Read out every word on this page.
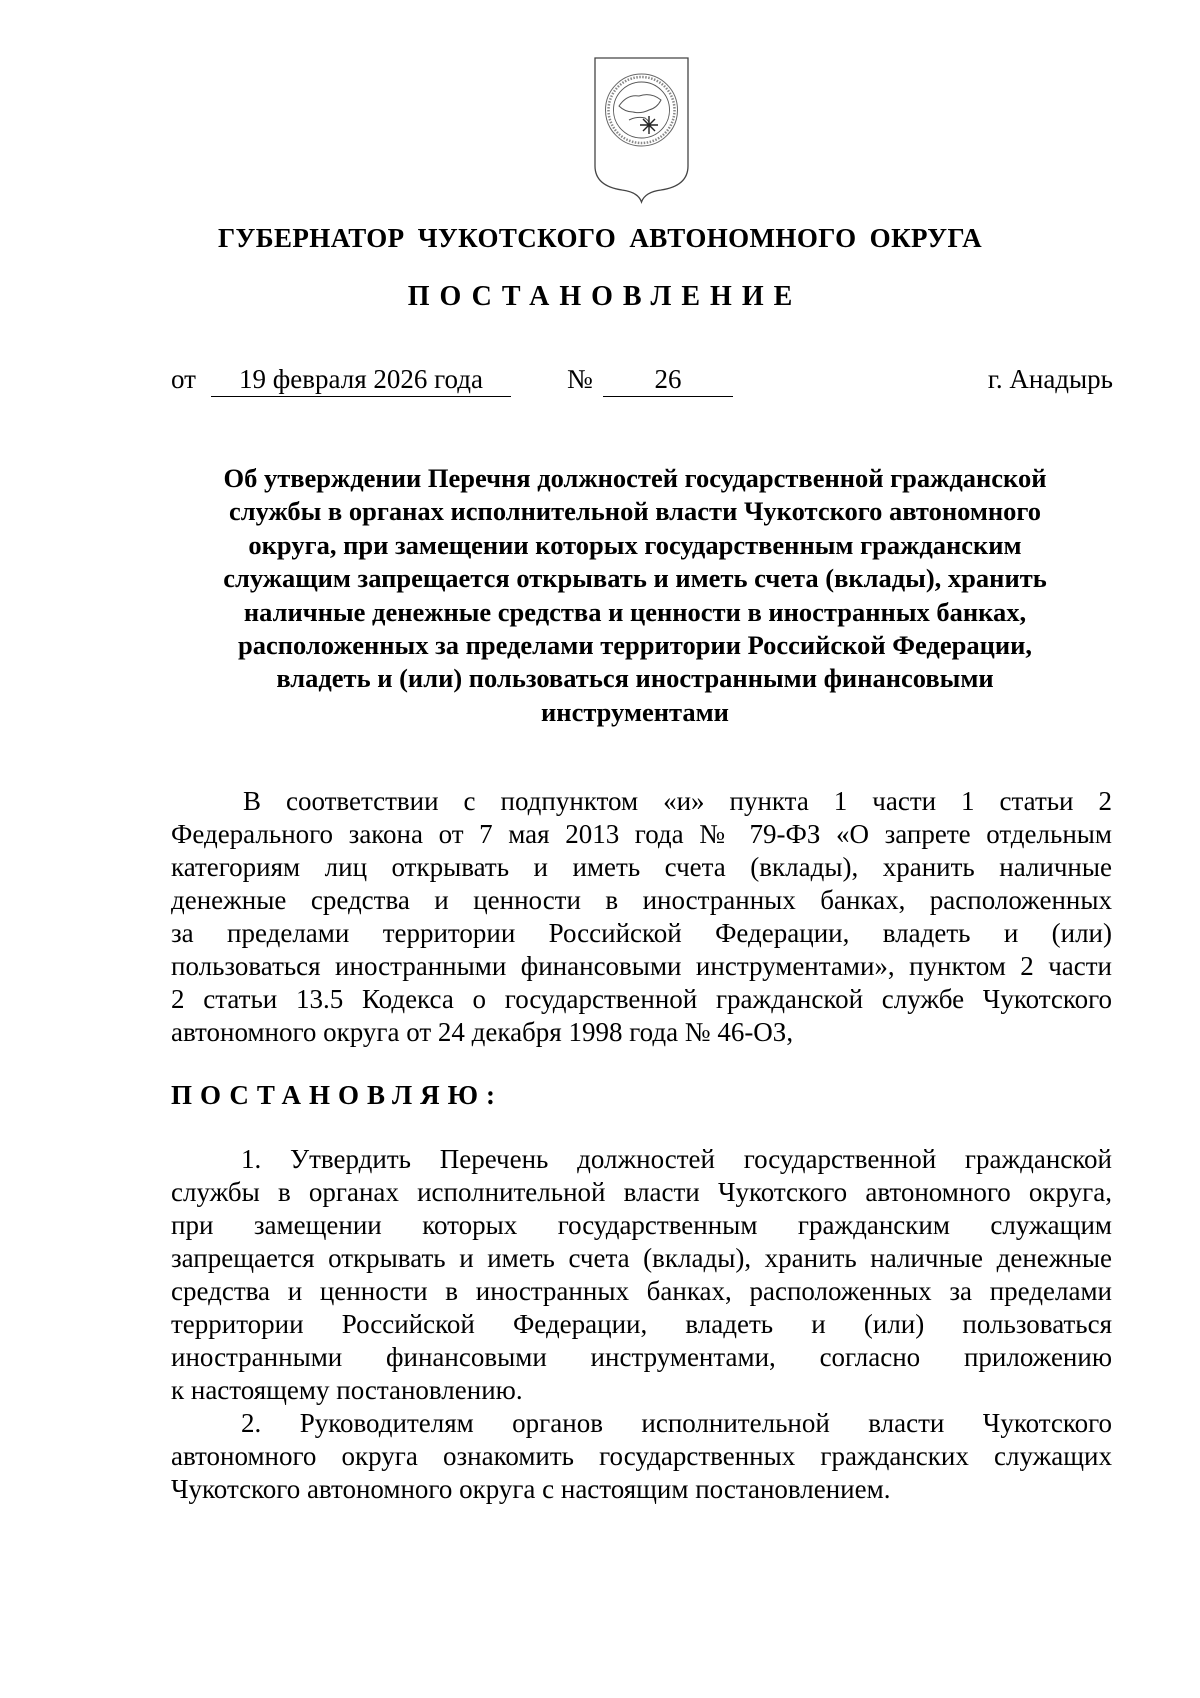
ГУБЕРНАТОР ЧУКОТСКОГО АВТОНОМНОГО ОКРУГА
ПОСТАНОВЛЕНИЕ
от	19 февраля 2026 года	№	26	г. Анадырь
Об утверждении Перечня должностей государственной гражданской
службы в органах исполнительной власти Чукотского автономного
округа, при замещении которых государственным гражданским
служащим запрещается открывать и иметь счета (вклады), хранить
наличные денежные средства и ценности в иностранных банках,
расположенных за пределами территории Российской Федерации,
владеть и (или) пользоваться иностранными финансовыми
инструментами
В соответствии с подпунктом «и» пункта 1 части 1 статьи 2
Федерального закона от 7 мая 2013 года № 79-ФЗ «О запрете отдельным
категориям лиц открывать и иметь счета (вклады), хранить наличные
денежные средства и ценности в иностранных банках, расположенных
за пределами территории Российской Федерации, владеть и (или)
пользоваться иностранными финансовыми инструментами», пунктом 2 части
2 статьи 13.5 Кодекса о государственной гражданской службе Чукотского
автономного округа от 24 декабря 1998 года № 46-ОЗ,
ПОСТАНОВЛЯЮ:
1. Утвердить Перечень должностей государственной гражданской
службы в органах исполнительной власти Чукотского автономного округа,
при замещении которых государственным гражданским служащим
запрещается открывать и иметь счета (вклады), хранить наличные денежные
средства и ценности в иностранных банках, расположенных за пределами
территории Российской Федерации, владеть и (или) пользоваться
иностранными финансовыми инструментами, согласно приложению
к настоящему постановлению.
2. Руководителям органов исполнительной власти Чукотского
автономного округа ознакомить государственных гражданских служащих
Чукотского автономного округа с настоящим постановлением.
